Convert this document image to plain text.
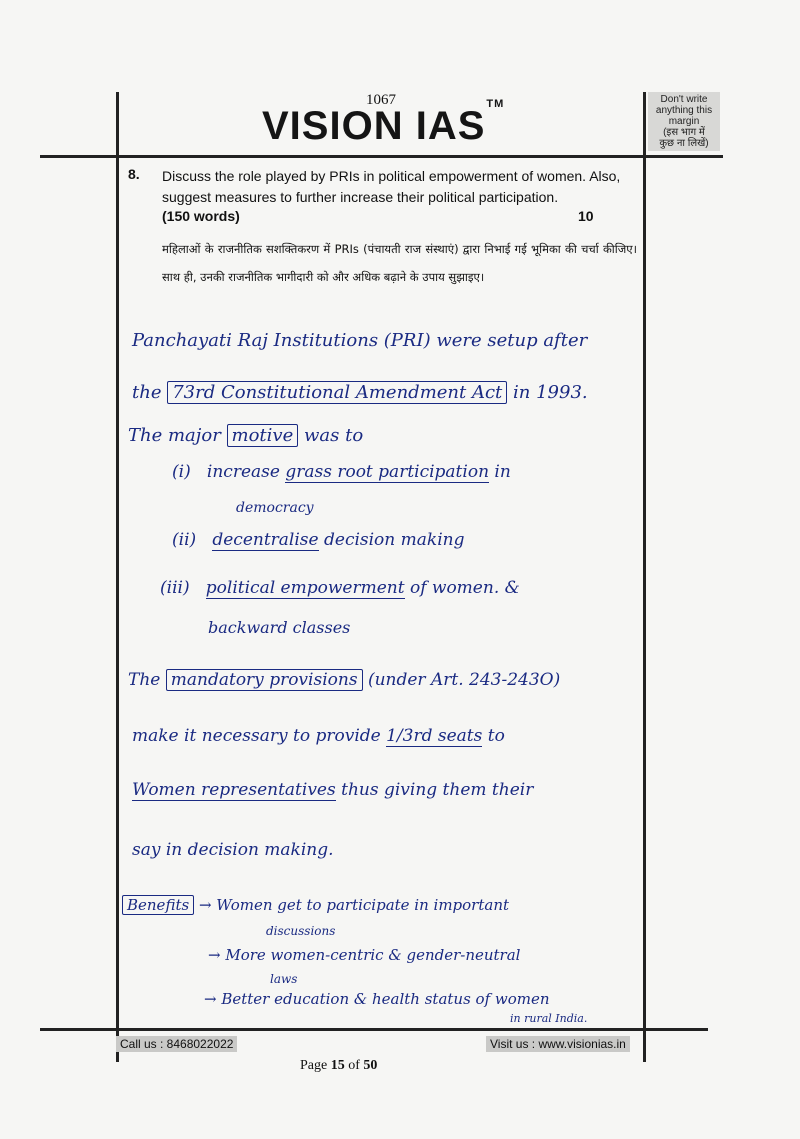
1067
VISION IAS™	Don't write
anything this
margin
(इस भाग में
कुछ ना लिखें)
8. Discuss the role played by PRIs in political empowerment of women. Also, suggest measures to further increase their political participation.
(150 words)	10
महिलाओं के राजनीतिक सशक्तिकरण में PRIs (पंचायती राज संस्थाएं) द्वारा निभाई गई भूमिका की चर्चा कीजिए। साथ ही, उनकी राजनीतिक भागीदारी को और अधिक बढ़ाने के उपाय सुझाइए।
Panchayati Raj Institutions (PRI) were setup after
the 73rd Constitutional Amendment Act in 1993.
The major motive was to
(i) increase grass root participation in
democracy
(ii) decentralise decision making
(iii) political empowerment of women. &
backward classes
The mandatory provisions (under Art. 243-243O)
make it necessary to provide 1/3rd seats to
Women representatives thus giving them their
say in decision making.
Benefits → Women get to participate in important
discussions
→ More women-centric & gender-neutral
laws
→ Better education & health status of women
in rural India.
Call us : 8468022022	Visit us : www.visionias.in
Page 15 of 50
